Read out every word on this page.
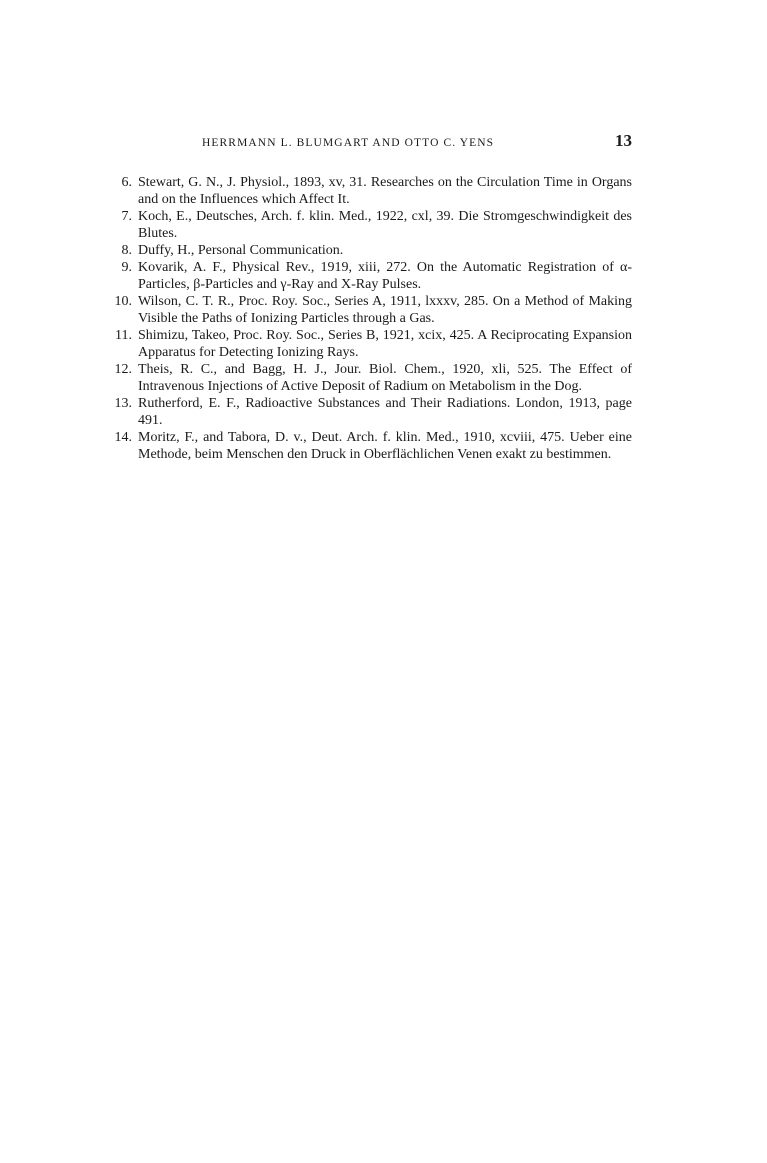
HERRMANN L. BLUMGART AND OTTO C. YENS	13
6. Stewart, G. N., J. Physiol., 1893, xv, 31. Researches on the Circulation Time in Organs and on the Influences which Affect It.
7. Koch, E., Deutsches, Arch. f. klin. Med., 1922, cxl, 39. Die Stromgeschwindigkeit des Blutes.
8. Duffy, H., Personal Communication.
9. Kovarik, A. F., Physical Rev., 1919, xiii, 272. On the Automatic Registration of α-Particles, β-Particles and γ-Ray and X-Ray Pulses.
10. Wilson, C. T. R., Proc. Roy. Soc., Series A, 1911, lxxxv, 285. On a Method of Making Visible the Paths of Ionizing Particles through a Gas.
11. Shimizu, Takeo, Proc. Roy. Soc., Series B, 1921, xcix, 425. A Reciprocating Expansion Apparatus for Detecting Ionizing Rays.
12. Theis, R. C., and Bagg, H. J., Jour. Biol. Chem., 1920, xli, 525. The Effect of Intravenous Injections of Active Deposit of Radium on Metabolism in the Dog.
13. Rutherford, E. F., Radioactive Substances and Their Radiations. London, 1913, page 491.
14. Moritz, F., and Tabora, D. v., Deut. Arch. f. klin. Med., 1910, xcviii, 475. Ueber eine Methode, beim Menschen den Druck in Oberflächlichen Venen exakt zu bestimmen.
